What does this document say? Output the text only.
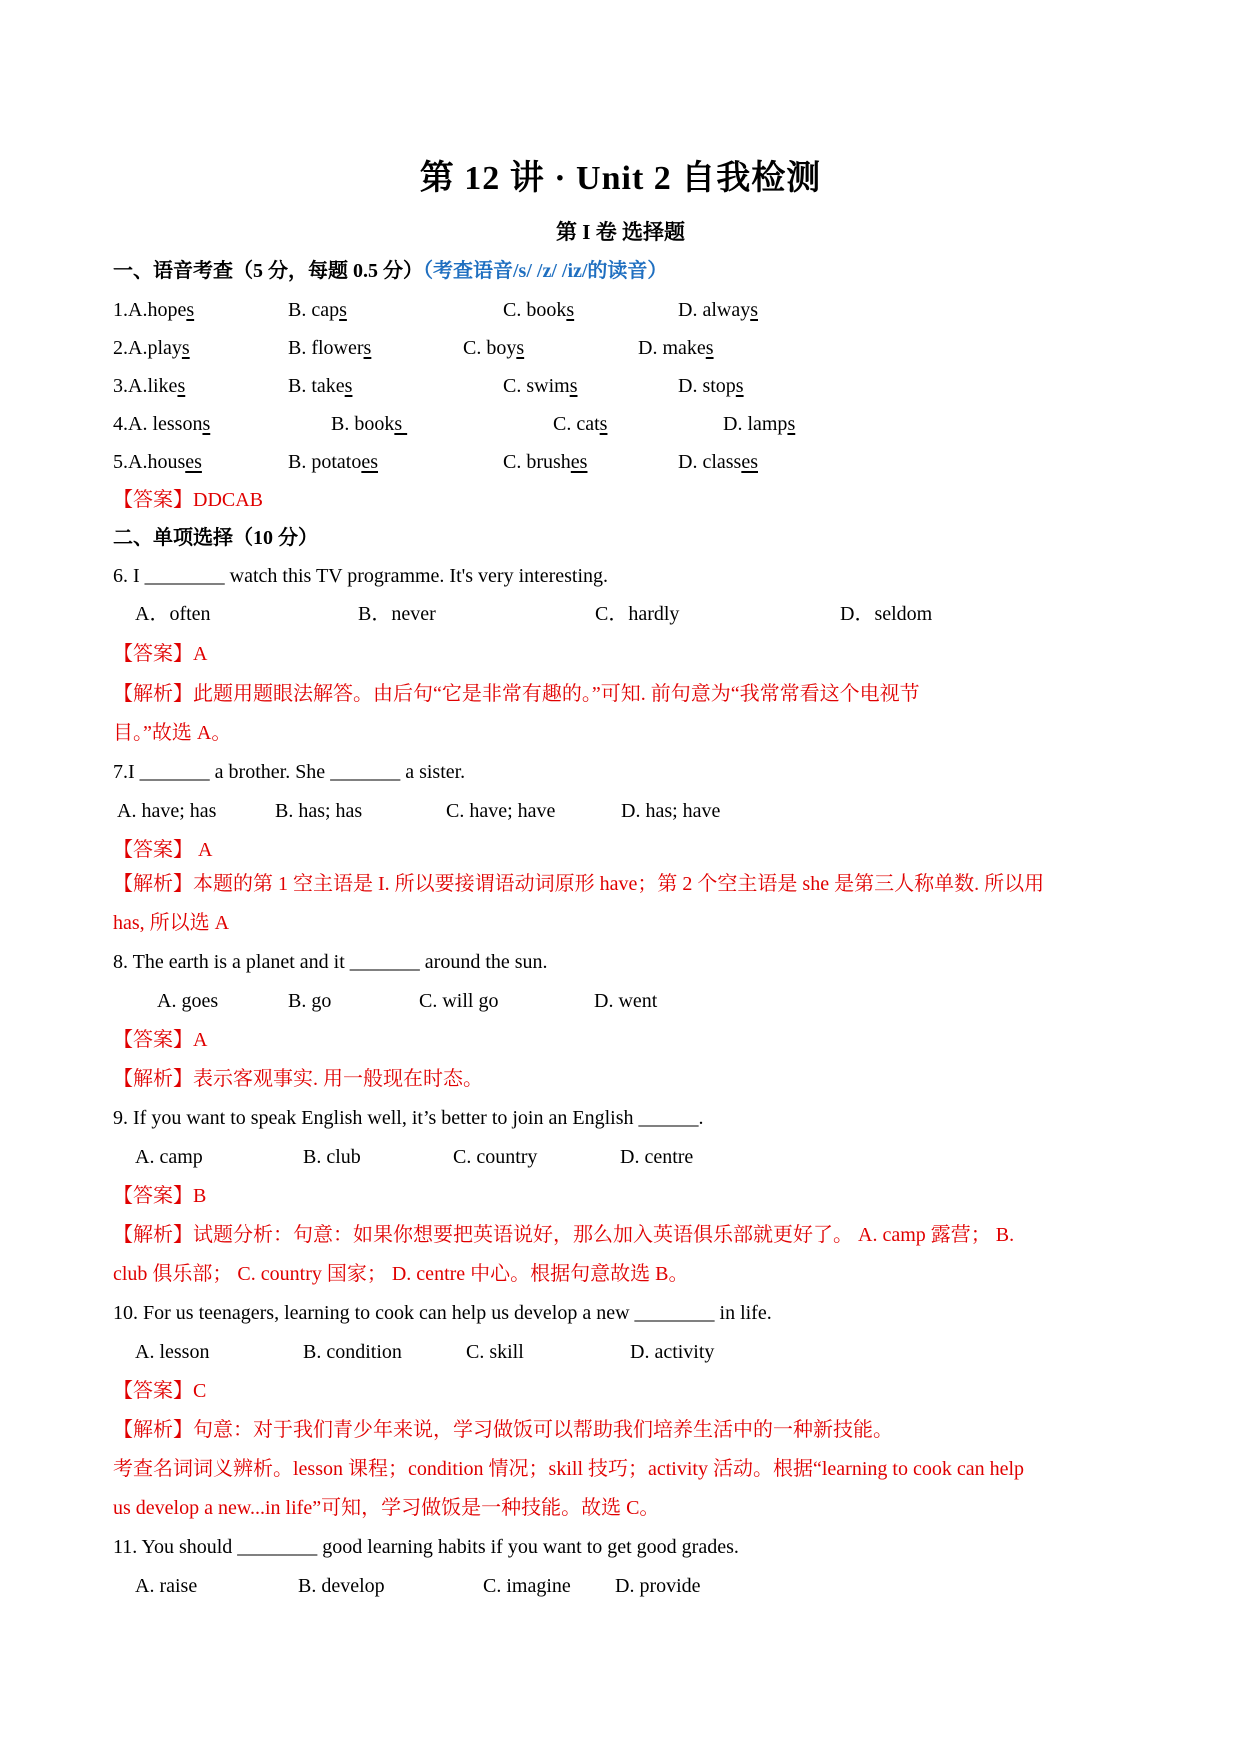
第 12 讲 · Unit 2 自我检测
第 I 卷 选择题
一、语音考查（5 分，每题 0.5 分）（考查语音/s/ /z/ /iz/的读音）
1.A.hopes	B. caps	C. books	D. always
2.A.plays	B. flowers	C. boys	D. makes
3.A.likes	B. takes	C. swims	D. stops
4.A. lessons	B. books	C. cats	D. lamps
5.A.houses	B. potatoes	C. brushes	D. classes
【答案】DDCAB
二、单项选择（10 分）
6. I ________ watch this TV programme. It's very interesting.
A．often	B．never	C．hardly	D．seldom
【答案】A
【解析】此题用题眼法解答。由后句“它是非常有趣的。”可知. 前句意为“我常常看这个电视节
目。”故选 A。
7.I _______ a brother. She _______ a sister.
A. have; has	B. has; has	C. have; have	D. has; have
【答案】 A
【解析】本题的第 1 空主语是 I. 所以要接谓语动词原形 have；第 2 个空主语是 she 是第三人称单数. 所以用
has, 所以选 A
8. The earth is a planet and it _______ around the sun.
A. goes	B. go	C. will go	D. went
【答案】A
【解析】表示客观事实. 用一般现在时态。
9. If you want to speak English well, it’s better to join an English ______.
A. camp	B. club	C. country	D. centre
【答案】B
【解析】试题分析：句意：如果你想要把英语说好，那么加入英语俱乐部就更好了。 A. camp 露营； B.
club 俱乐部； C. country 国家； D. centre 中心。根据句意故选 B。
10. For us teenagers, learning to cook can help us develop a new ________ in life.
A. lesson	B. condition	C. skill	D. activity
【答案】C
【解析】句意：对于我们青少年来说，学习做饭可以帮助我们培养生活中的一种新技能。
考查名词词义辨析。lesson 课程；condition 情况；skill 技巧；activity 活动。根据“learning to cook can help
us develop a new...in life”可知，学习做饭是一种技能。故选 C。
11. You should ________ good learning habits if you want to get good grades.
A. raise	B. develop	C. imagine D. provide
